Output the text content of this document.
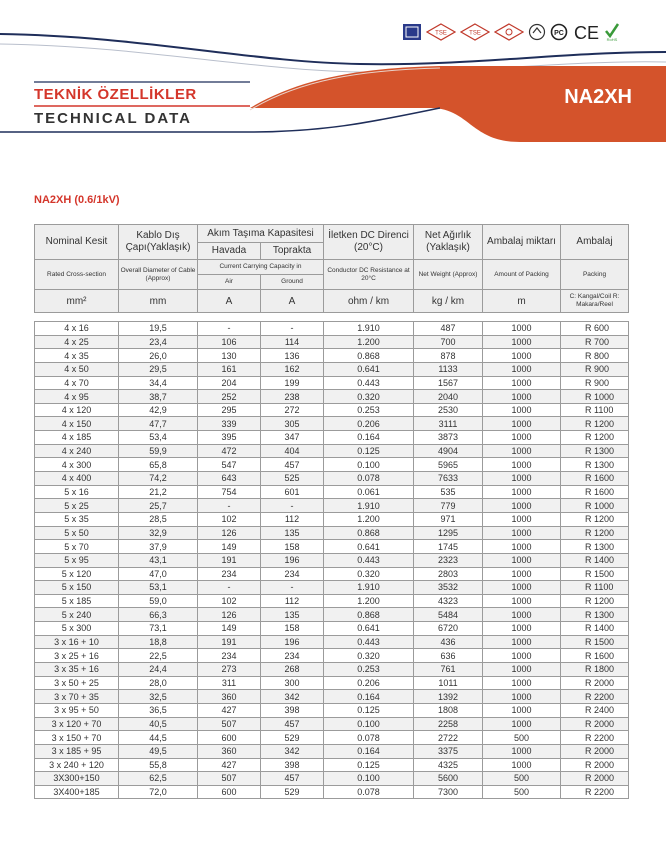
TSE	TSE	PC CE RoHS
TEKNİK ÖZELLİKLER
TECHNICAL DATA
NA2XH
NA2XH (0.6/1kV)
Nominal Kesit	Kablo Dış Çapı(Yaklaşık)	Akım Taşıma Kapasitesi		İletken DC Direnci (20°C)	Net Ağırlık (Yaklaşık)	Ambalaj miktarı	Ambalaj
		Havada	Toprakta				
Rated Cross-section	Overall Diameter of Cable (Approx)	Current Carrying Capacity in		Conductor DC Resistance at 20°C	Net Weight (Approx)	Amount of Packing	Packing
		Air	Ground				
mm²	mm	A	A	ohm / km	kg / km	m	C: Kangal/Coil R: Makara/Reel

4 x 16	19,5	-	-	1.910	487	1000	R 600
4 x 25	23,4	106	114	1.200	700	1000	R 700
4 x 35	26,0	130	136	0.868	878	1000	R 800
4 x 50	29,5	161	162	0.641	1133	1000	R 900
4 x 70	34,4	204	199	0.443	1567	1000	R 900
4 x 95	38,7	252	238	0.320	2040	1000	R 1000
4 x 120	42,9	295	272	0.253	2530	1000	R 1100
4 x 150	47,7	339	305	0.206	3111	1000	R 1200
4 x 185	53,4	395	347	0.164	3873	1000	R 1200
4 x 240	59,9	472	404	0.125	4904	1000	R 1300
4 x 300	65,8	547	457	0.100	5965	1000	R 1300
4 x 400	74,2	643	525	0.078	7633	1000	R 1600
5 x 16	21,2	754	601	0.061	535	1000	R 1600
5 x 25	25,7	-	-	1.910	779	1000	R 1000
5 x 35	28,5	102	112	1.200	971	1000	R 1200
5 x 50	32,9	126	135	0.868	1295	1000	R 1200
5 x 70	37,9	149	158	0.641	1745	1000	R 1300
5 x 95	43,1	191	196	0.443	2323	1000	R 1400
5 x 120	47,0	234	234	0.320	2803	1000	R 1500
5 x 150	53,1	-	-	1.910	3532	1000	R 1100
5 x 185	59,0	102	112	1.200	4323	1000	R 1200
5 x 240	66,3	126	135	0.868	5484	1000	R 1300
5 x 300	73,1	149	158	0.641	6720	1000	R 1400
3 x 16 + 10	18,8	191	196	0.443	436	1000	R 1500
3 x 25 + 16	22,5	234	234	0.320	636	1000	R 1600
3 x 35 + 16	24,4	273	268	0.253	761	1000	R 1800
3 x 50 + 25	28,0	311	300	0.206	1011	1000	R 2000
3 x 70 + 35	32,5	360	342	0.164	1392	1000	R 2200
3 x 95 + 50	36,5	427	398	0.125	1808	1000	R 2400
3 x 120 + 70	40,5	507	457	0.100	2258	1000	R 2000
3 x 150 + 70	44,5	600	529	0.078	2722	500	R 2200
3 x 185 + 95	49,5	360	342	0.164	3375	1000	R 2000
3 x 240 + 120	55,8	427	398	0.125	4325	1000	R 2000
3X300+150	62,5	507	457	0.100	5600	500	R 2000
3X400+185	72,0	600	529	0.078	7300	500	R 2200
